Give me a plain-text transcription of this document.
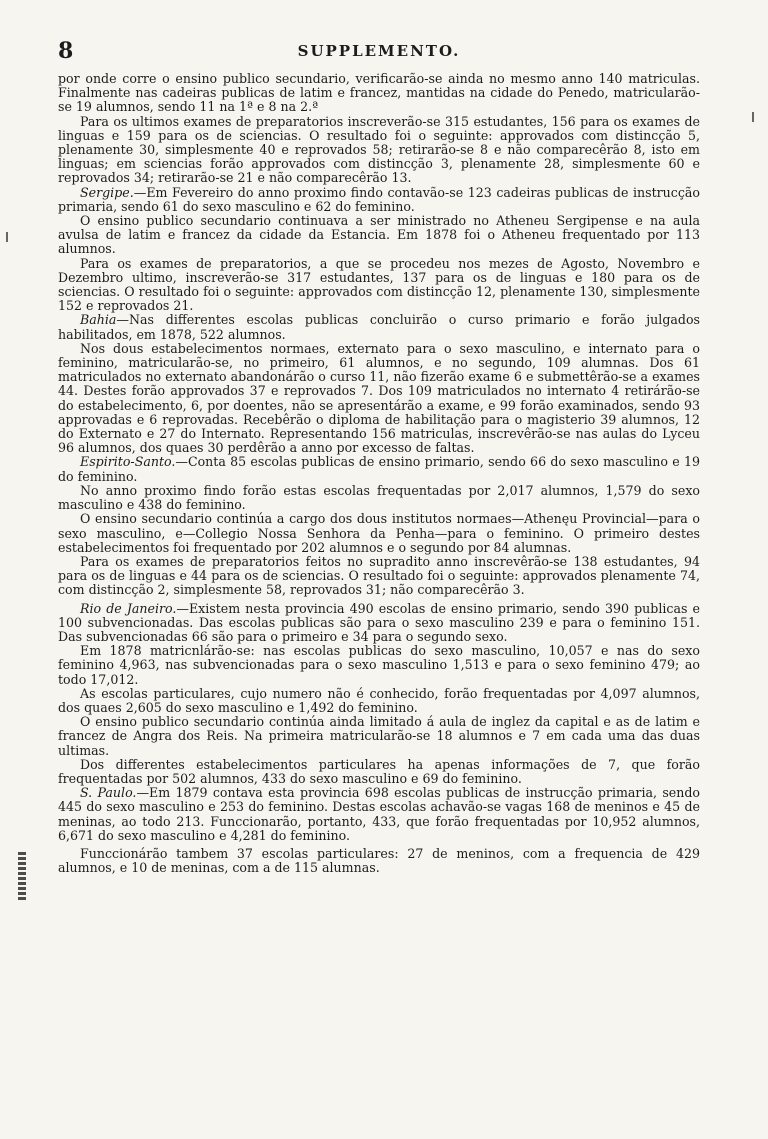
8	SUPPLEMENTO.

por onde corre o ensino publico secundario, verificarão-se ainda no mesmo anno 140 matriculas. Finalmente nas cadeiras publicas de latim e francez, mantidas na cidade do Penedo, matricularão-se 19 alumnos, sendo 11 na 1ª e 8 na 2.ª

Para os ultimos exames de preparatorios inscreverão-se 315 estudantes, 156 para os exames de linguas e 159 para os de sciencias. O resultado foi o seguinte: approvados com distincção 5, plenamente 30, simplesmente 40 e reprovados 58; retirarão-se 8 e não comparecêrão 8, isto em linguas; em sciencias forão approvados com distincção 3, plenamente 28, simplesmente 60 e reprovados 34; retirarão-se 21 e não comparecêrão 13.

Sergipe.—Em Fevereiro do anno proximo findo contavão-se 123 cadeiras publicas de instrucção primaria, sendo 61 do sexo masculino e 62 do feminino.

O ensino publico secundario continuava a ser ministrado no Atheneu Sergipense e na aula avulsa de latim e francez da cidade da Estancia. Em 1878 foi o Atheneu frequentado por 113 alumnos.

Para os exames de preparatorios, a que se procedeu nos mezes de Agosto, Novembro e Dezembro ultimo, inscreverão-se 317 estudantes, 137 para os de linguas e 180 para os de sciencias. O resultado foi o seguinte: approvados com distincção 12, plenamente 130, simplesmente 152 e reprovados 21.

Bahia—Nas differentes escolas publicas concluirão o curso primario e forão julgados habilitados, em 1878, 522 alumnos.

Nos dous estabelecimentos normaes, externato para o sexo masculino, e internato para o feminino, matricularão-se, no primeiro, 61 alumnos, e no segundo, 109 alumnas. Dos 61 matriculados no externato abandonárão o curso 11, não fizerão exame 6 e submettêrão-se a exames 44. Destes forão approvados 37 e reprovados 7. Dos 109 matriculados no internato 4 retirárão-se do estabelecimento, 6, por doentes, não se apresentárão a exame, e 99 forão examinados, sendo 93 approvadas e 6 reprovadas. Recebêrão o diploma de habilitação para o magisterio 39 alumnos, 12 do Externato e 27 do Internato. Representando 156 matriculas, inscrevêrão-se nas aulas do Lyceu 96 alumnos, dos quaes 30 perdêrão a anno por excesso de faltas.

Espirito-Santo.—Conta 85 escolas publicas de ensino primario, sendo 66 do sexo masculino e 19 do feminino.

No anno proximo findo forão estas escolas frequentadas por 2,017 alumnos, 1,579 do sexo masculino e 438 do feminino.

O ensino secundario continúa a cargo dos dous institutos normaes—Athenęu Provincial—para o sexo masculino, e—Collegio Nossa Senhora da Penha—para o feminino. O primeiro destes estabelecimentos foi frequentado por 202 alumnos e o segundo por 84 alumnas.

Para os exames de preparatorios feitos no supradito anno inscrevêrão-se 138 estudantes, 94 para os de linguas e 44 para os de sciencias. O resultado foi o seguinte: approvados plenamente 74, com distincção 2, simplesmente 58, reprovados 31; não comparecêrão 3.

Rio de Janeiro.—Existem nesta provincia 490 escolas de ensino primario, sendo 390 publicas e 100 subvencionadas. Das escolas publicas são para o sexo masculino 239 e para o feminino 151. Das subvencionadas 66 são para o primeiro e 34 para o segundo sexo.

Em 1878 matricnlárão-se: nas escolas publicas do sexo masculino, 10,057 e nas do sexo feminino 4,963, nas subvencionadas para o sexo masculino 1,513 e para o sexo feminino 479; ao todo 17,012.

As escolas particulares, cujo numero não é conhecido, forão frequentadas por 4,097 alumnos, dos quaes 2,605 do sexo masculino e 1,492 do feminino.

O ensino publico secundario continúa ainda limitado á aula de inglez da capital e as de latim e francez de Angra dos Reis. Na primeira matricularão-se 18 alumnos e 7 em cada uma das duas ultimas.

Dos differentes estabelecimentos particulares ha apenas informações de 7, que forão frequentadas por 502 alumnos, 433 do sexo masculino e 69 do feminino.

S. Paulo.—Em 1879 contava esta provincia 698 escolas publicas de instrucção primaria, sendo 445 do sexo masculino e 253 do feminino. Destas escolas achavão-se vagas 168 de meninos e 45 de meninas, ao todo 213. Funccionarão, portanto, 433, que forão frequentadas por 10,952 alumnos, 6,671 do sexo masculino e 4,281 do feminino.

Funccionárão tambem 37 escolas particulares: 27 de meninos, com a frequencia de 429 alumnos, e 10 de meninas, com a de 115 alumnas.
